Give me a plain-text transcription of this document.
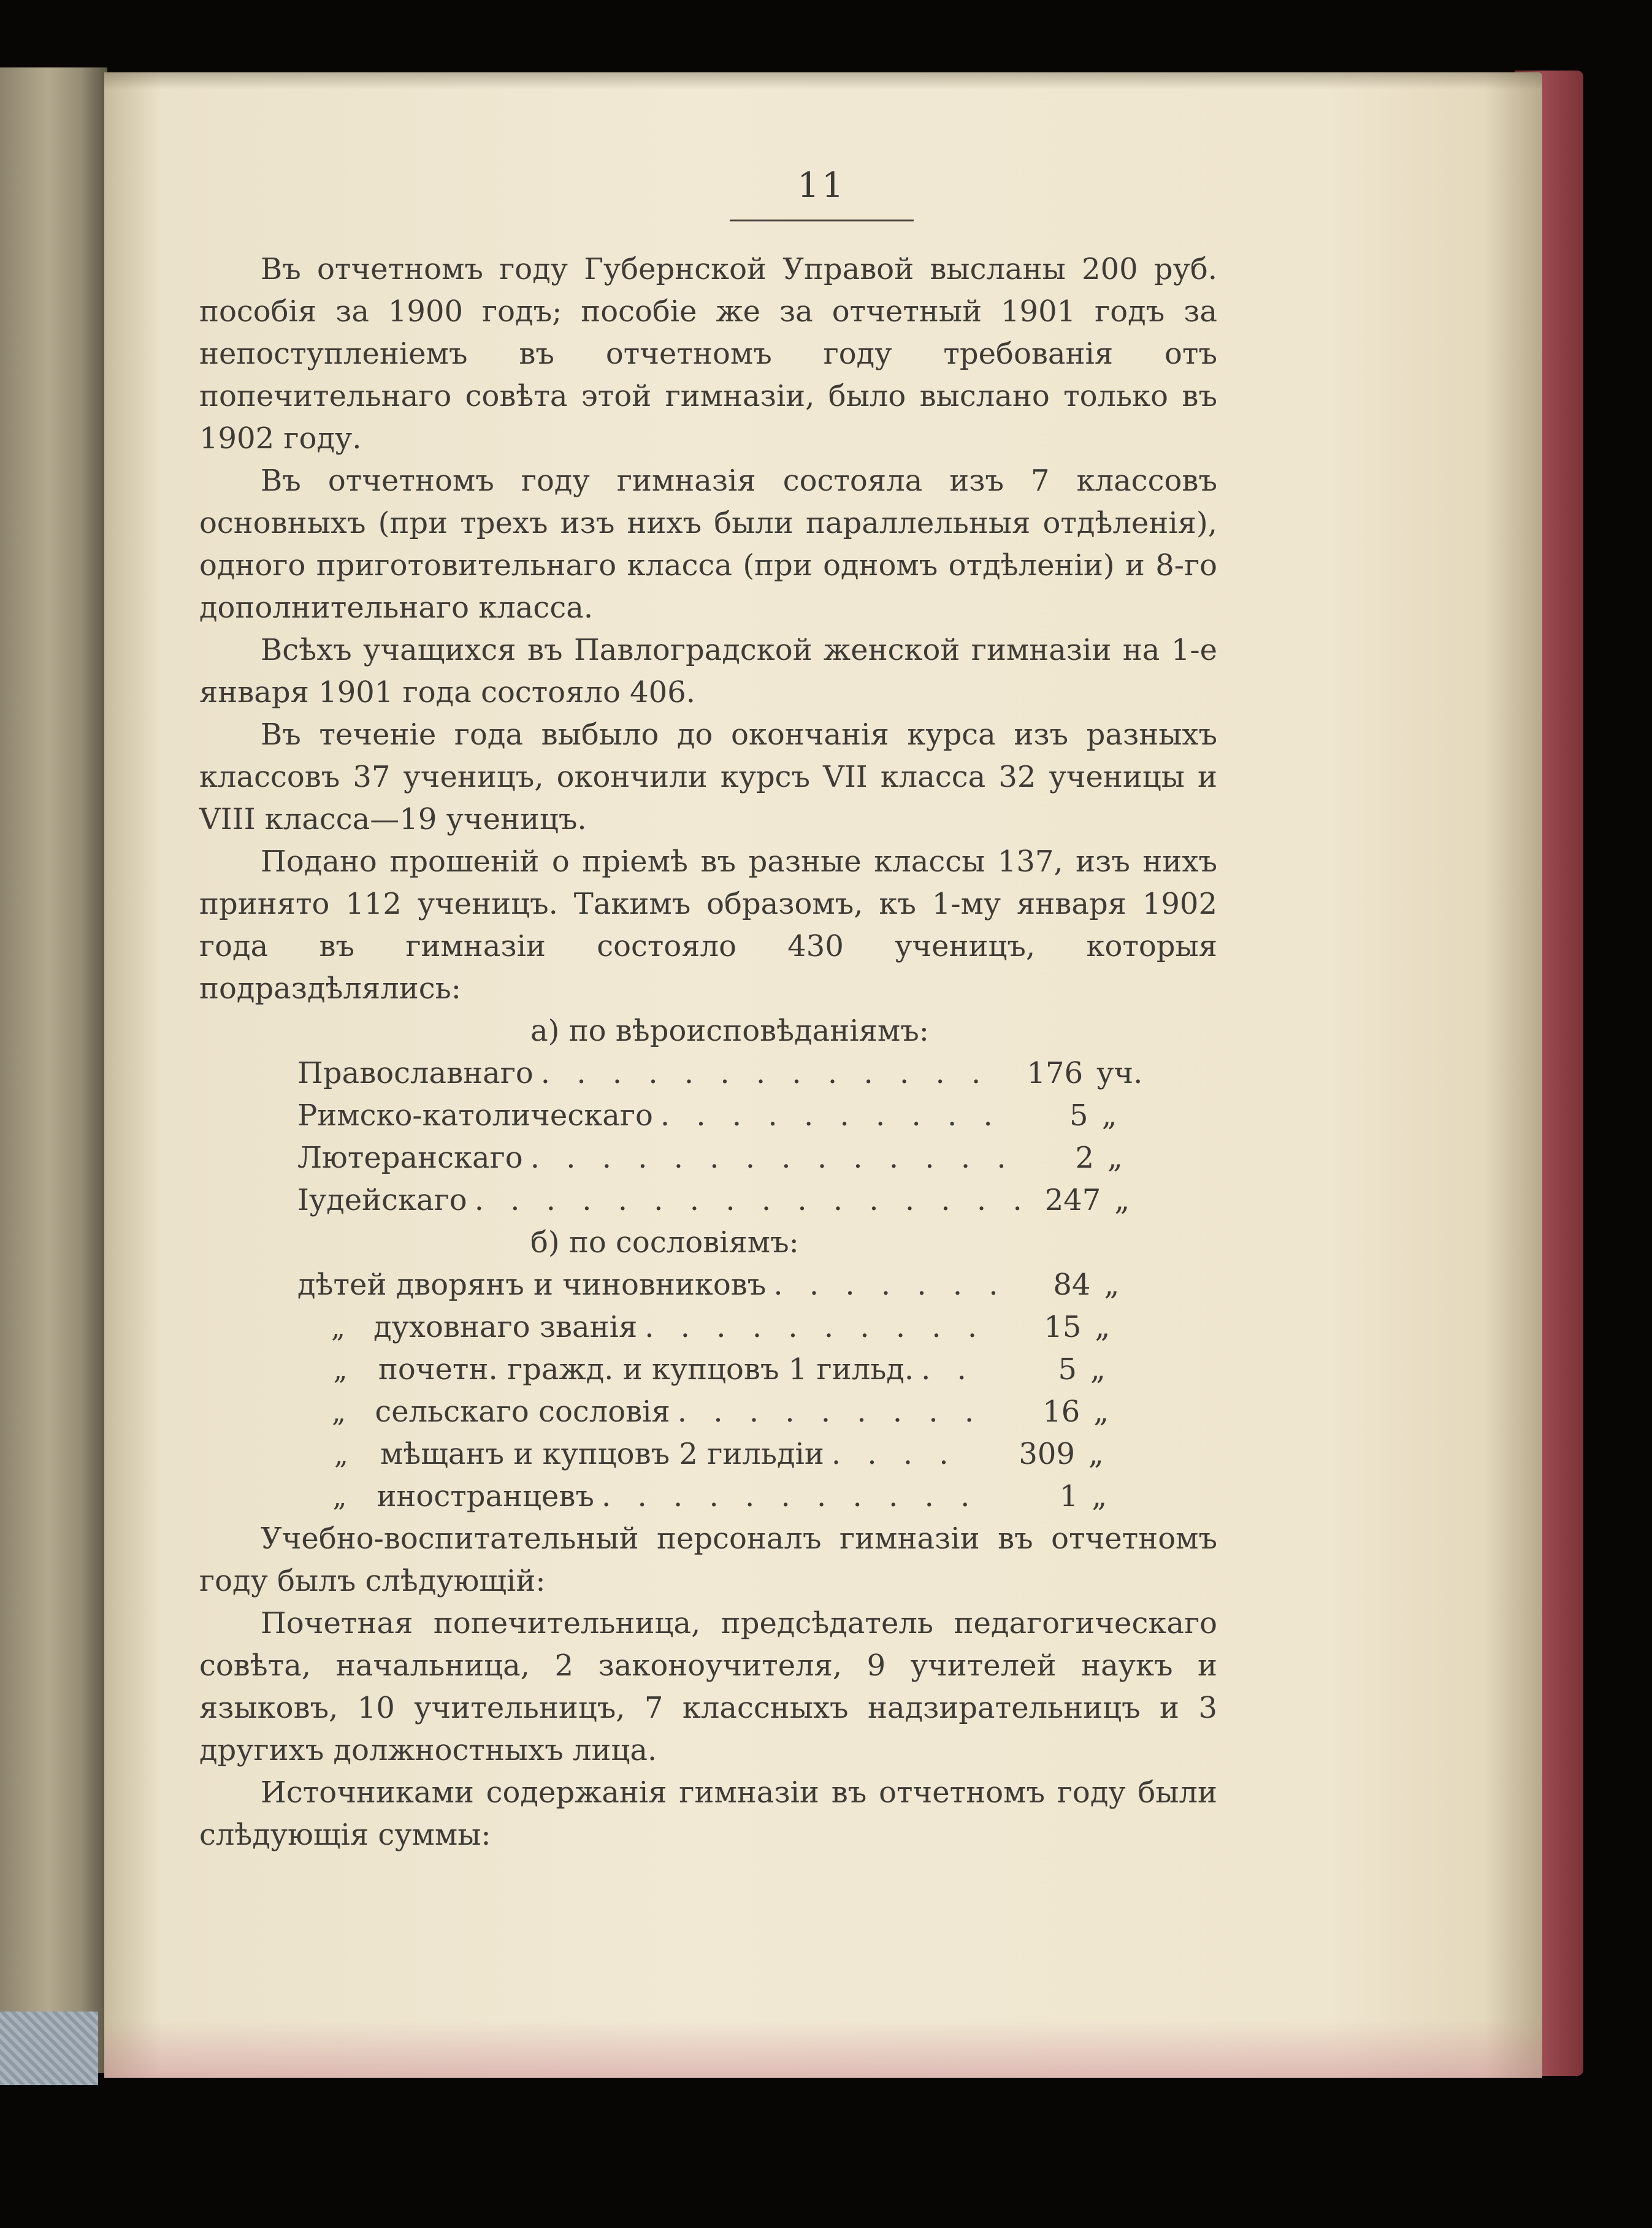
11

Въ отчетномъ году Губернской Управой высланы 200 руб. пособія за 1900 годъ; пособіе же за отчетный 1901 годъ за непоступленіемъ въ отчетномъ году требованія отъ попечительнаго совѣта этой гимназіи, было выслано только въ 1902 году.

Въ отчетномъ году гимназія состояла изъ 7 классовъ основныхъ (при трехъ изъ нихъ были параллельныя отдѣленія), одного приготовительнаго класса (при одномъ отдѣленіи) и 8-го дополнительнаго класса.

Всѣхъ учащихся въ Павлоградской женской гимназіи на 1-е января 1901 года состояло 406.

Въ теченіе года выбыло до окончанія курса изъ разныхъ классовъ 37 ученицъ, окончили курсъ VII класса 32 ученицы и VIII класса—19 ученицъ.

Подано прошеній о пріемѣ въ разные классы 137, изъ нихъ принято 112 ученицъ. Такимъ образомъ, къ 1-му января 1902 года въ гимназіи состояло 430 ученицъ, которыя подраздѣлялись:

а) по вѣроисповѣданіямъ:

Православнаго . . . . . . . . . . . . .	176 уч.
Римско-католическаго . . . . . . . . . .	5 „
Лютеранскаго . . . . . . . . . . . . . .	2 „
Іудейскаго . . . . . . . . . . . . . . . . 247 „

б) по сословіямъ:

дѣтей дворянъ и чиновниковъ . . . . . . .	84 „
„ духовнаго званія . . . . . . . . . .	15 „
„	почетн. гражд. и купцовъ 1 гильд. . .	5 „
„ сельскаго сословія . . . . . . . . .	16 „
„	мѣщанъ и купцовъ 2 гильдіи . . . .	309 „
„	иностранцевъ . . . . . . . . . . .	1 „

Учебно-воспитательный персоналъ гимназіи въ отчетномъ году былъ слѣдующій:

Почетная попечительница, предсѣдатель педагогическаго совѣта, начальница, 2 законоучителя, 9 учителей наукъ и языковъ, 10 учительницъ, 7 классныхъ надзирательницъ и 3 другихъ должностныхъ лица.

Источниками содержанія гимназіи въ отчетномъ году были слѣдующія суммы:
